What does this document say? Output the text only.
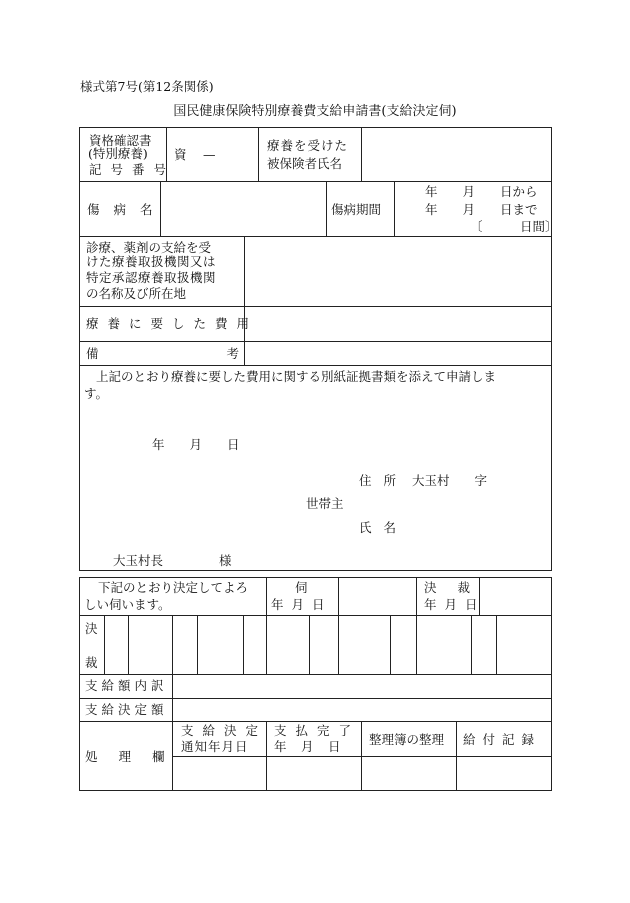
様式第7号(第12条関係)
国民健康保険特別療養費支給申請書(支給決定伺)
資格確認書
(特別療養)
記号番号
資 　—
療養を受けた
被保険者氏名
傷病名	傷病期間
年　　月　　日から
年　　月　　日まで
〔　　　日間〕
診療、薬剤の支給を受
けた療養取扱機関又は
特定承認療養取扱機関
の名称及び所在地
療養に要した費用
備考
上記のとおり療養に要した費用に関する別紙証拠書類を添えて申請しま
す。
年　　月　　日
住所 大玉村　　字
世帯主
氏名
大玉村長	様
下記のとおり決定してよろ
しい伺います。
伺
年月日
決裁
年月日
決
裁
支給額内訳
支給決定額
処理欄
支給決定
通知年月日
支払完了
年　月　日 整理簿の整理 給付記録
